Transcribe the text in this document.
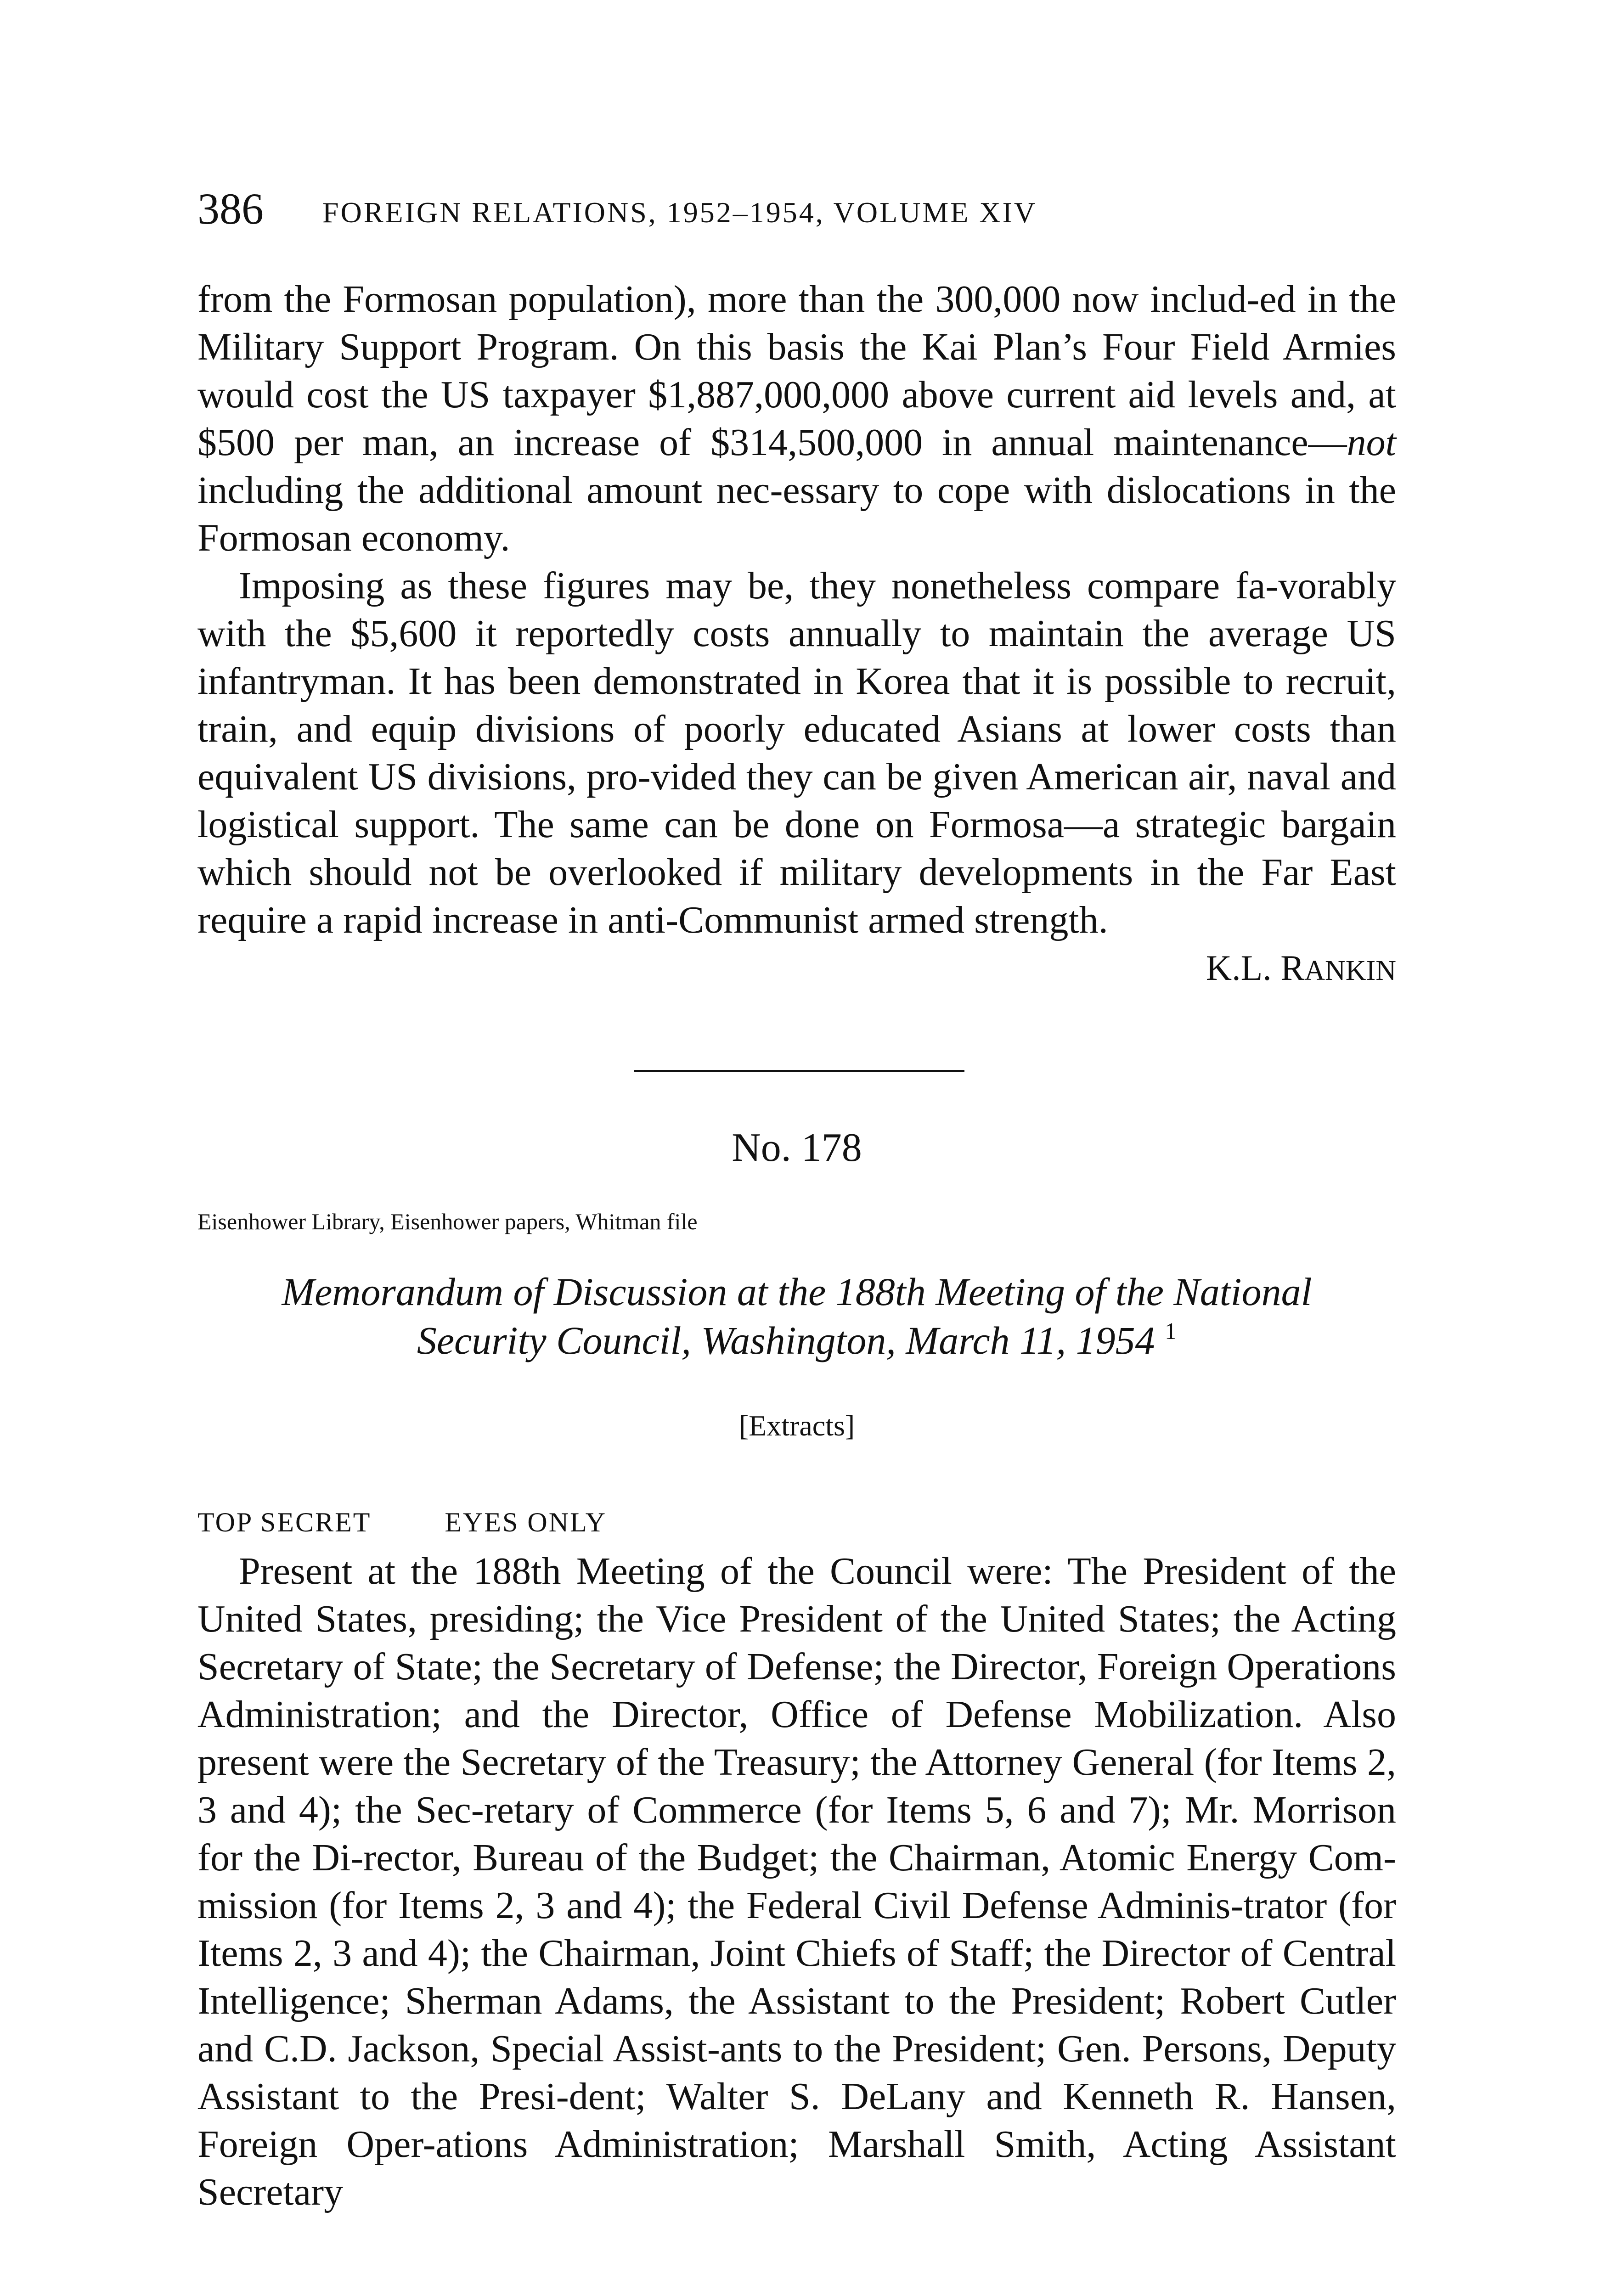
386 FOREIGN RELATIONS, 1952–1954, VOLUME XIV

from the Formosan population), more than the 300,000 now includ-ed in the Military Support Program. On this basis the Kai Plan’s Four Field Armies would cost the US taxpayer $1,887,000,000 above current aid levels and, at $500 per man, an increase of $314,500,000 in annual maintenance—not including the additional amount nec-essary to cope with dislocations in the Formosan economy.

Imposing as these figures may be, they nonetheless compare fa-vorably with the $5,600 it reportedly costs annually to maintain the average US infantryman. It has been demonstrated in Korea that it is possible to recruit, train, and equip divisions of poorly educated Asians at lower costs than equivalent US divisions, pro-vided they can be given American air, naval and logistical support. The same can be done on Formosa—a strategic bargain which should not be overlooked if military developments in the Far East require a rapid increase in anti-Communist armed strength.

K.L. RANKIN

No. 178
Eisenhower Library, Eisenhower papers, Whitman file
Memorandum of Discussion at the 188th Meeting of the National
Security Council, Washington, March 11, 1954 $^1$
[Extracts]
TOP SECRET	EYES ONLY

Present at the 188th Meeting of the Council were: The President of the United States, presiding; the Vice President of the United States; the Acting Secretary of State; the Secretary of Defense; the Director, Foreign Operations Administration; and the Director, Office of Defense Mobilization. Also present were the Secretary of the Treasury; the Attorney General (for Items 2, 3 and 4); the Sec-retary of Commerce (for Items 5, 6 and 7); Mr. Morrison for the Di-rector, Bureau of the Budget; the Chairman, Atomic Energy Com-mission (for Items 2, 3 and 4); the Federal Civil Defense Adminis-trator (for Items 2, 3 and 4); the Chairman, Joint Chiefs of Staff; the Director of Central Intelligence; Sherman Adams, the Assistant to the President; Robert Cutler and C.D. Jackson, Special Assist-ants to the President; Gen. Persons, Deputy Assistant to the Presi-dent; Walter S. DeLany and Kenneth R. Hansen, Foreign Oper-ations Administration; Marshall Smith, Acting Assistant Secretary
